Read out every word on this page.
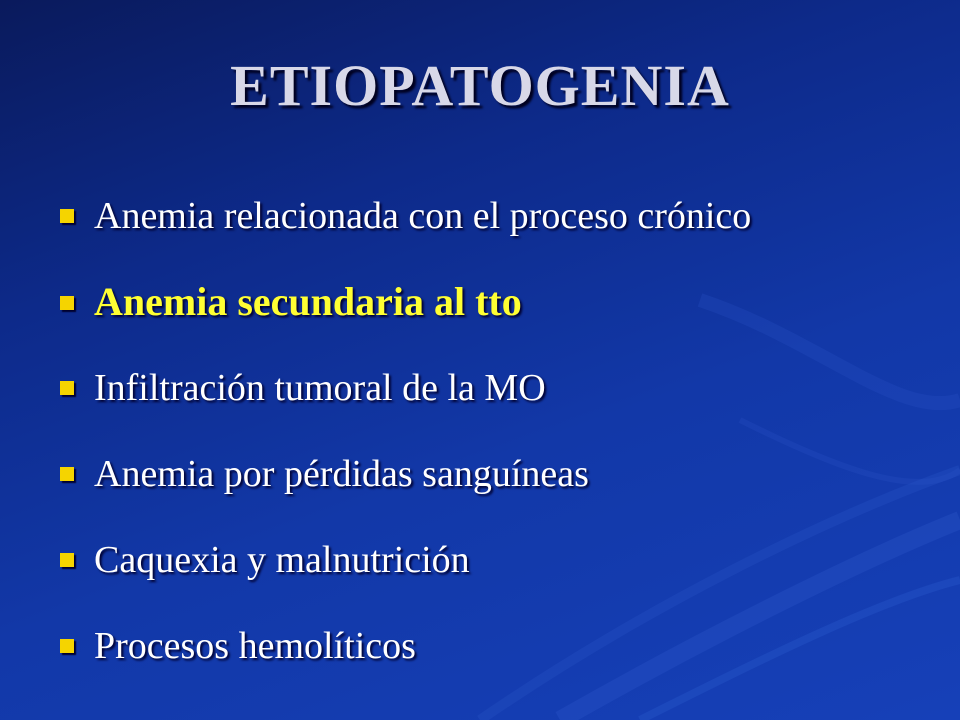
ETIOPATOGENIA
Anemia relacionada con el proceso crónico
Anemia secundaria al tto
Infiltración tumoral de la MO
Anemia por pérdidas sanguíneas
Caquexia y malnutrición
Procesos hemolíticos
